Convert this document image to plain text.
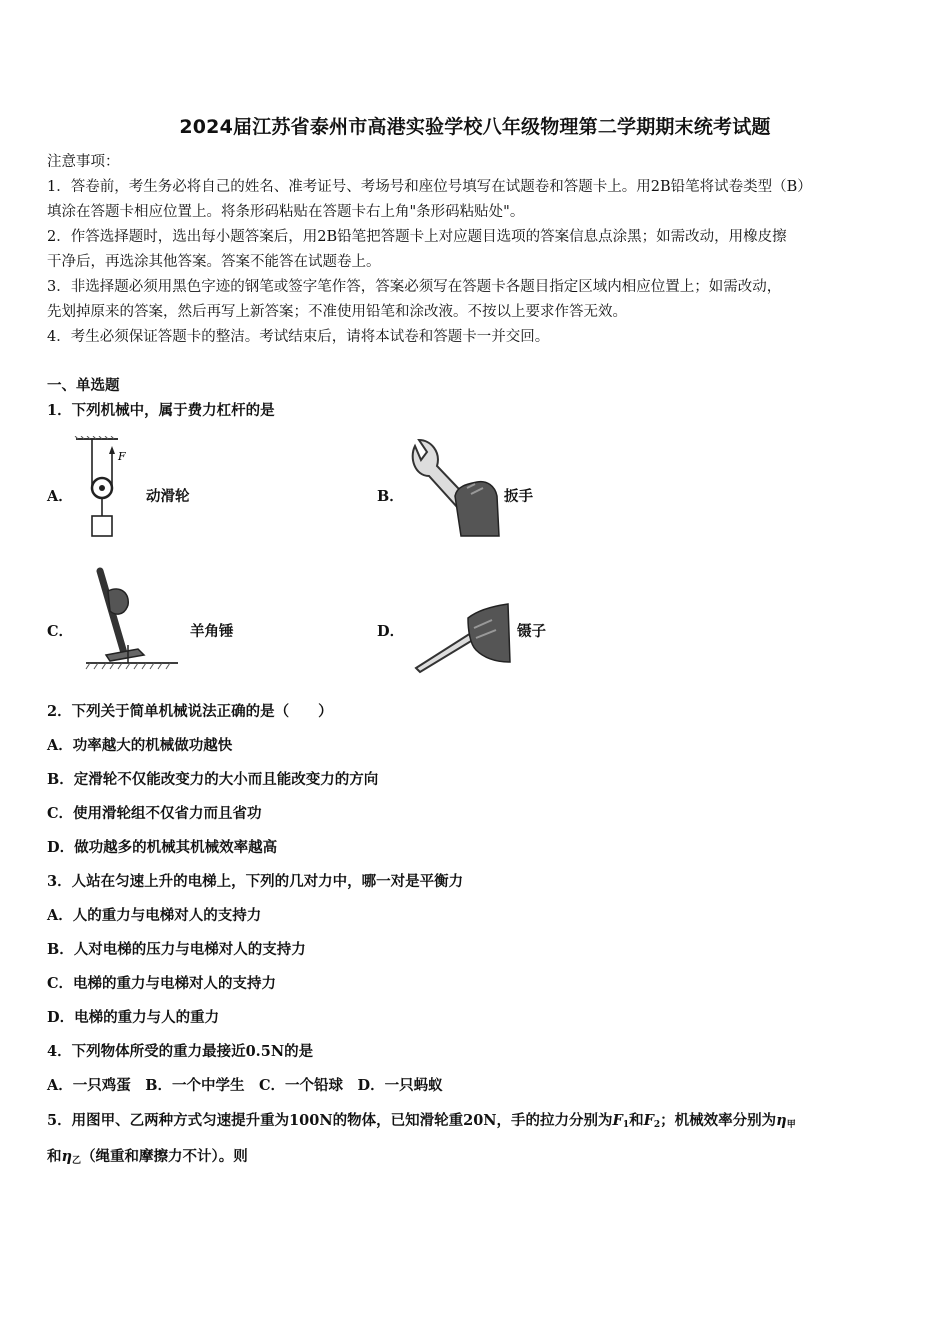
2024届江苏省泰州市高港实验学校八年级物理第二学期期末统考试题
注意事项：
1．答卷前，考生务必将自己的姓名、准考证号、考场号和座位号填写在试题卷和答题卡上。用2B铅笔将试卷类型（B）
填涂在答题卡相应位置上。将条形码粘贴在答题卡右上角"条形码粘贴处"。
2．作答选择题时，选出每小题答案后，用2B铅笔把答题卡上对应题目选项的答案信息点涂黑；如需改动，用橡皮擦
干净后，再选涂其他答案。答案不能答在试题卷上。
3．非选择题必须用黑色字迹的钢笔或签字笔作答，答案必须写在答题卡各题目指定区域内相应位置上；如需改动，
先划掉原来的答案，然后再写上新答案；不准使用铅笔和涂改液。不按以上要求作答无效。
4．考生必须保证答题卡的整洁。考试结束后，请将本试卷和答题卡一并交回。
一、单选题
1．下列机械中，属于费力杠杆的是
A．
F
动滑轮	B．	扳手
C．	羊角锤	D．	镊子
2．下列关于简单机械说法正确的是（　　）
A．功率越大的机械做功越快
B．定滑轮不仅能改变力的大小而且能改变力的方向
C．使用滑轮组不仅省力而且省功
D．做功越多的机械其机械效率越高
3．人站在匀速上升的电梯上，下列的几对力中，哪一对是平衡力
A．人的重力与电梯对人的支持力
B．人对电梯的压力与电梯对人的支持力
C．电梯的重力与电梯对人的支持力
D．电梯的重力与人的重力
4．下列物体所受的重力最接近0.5N的是
A．一只鸡蛋　B．一个中学生　C．一个铅球　D．一只蚂蚁
5．用图甲、乙两种方式匀速提升重为100N的物体，已知滑轮重20N，手的拉力分别为$F_1$和$F_2$；机械效率分别为$\eta_甲$
和$\eta_乙$（绳重和摩擦力不计）。则
